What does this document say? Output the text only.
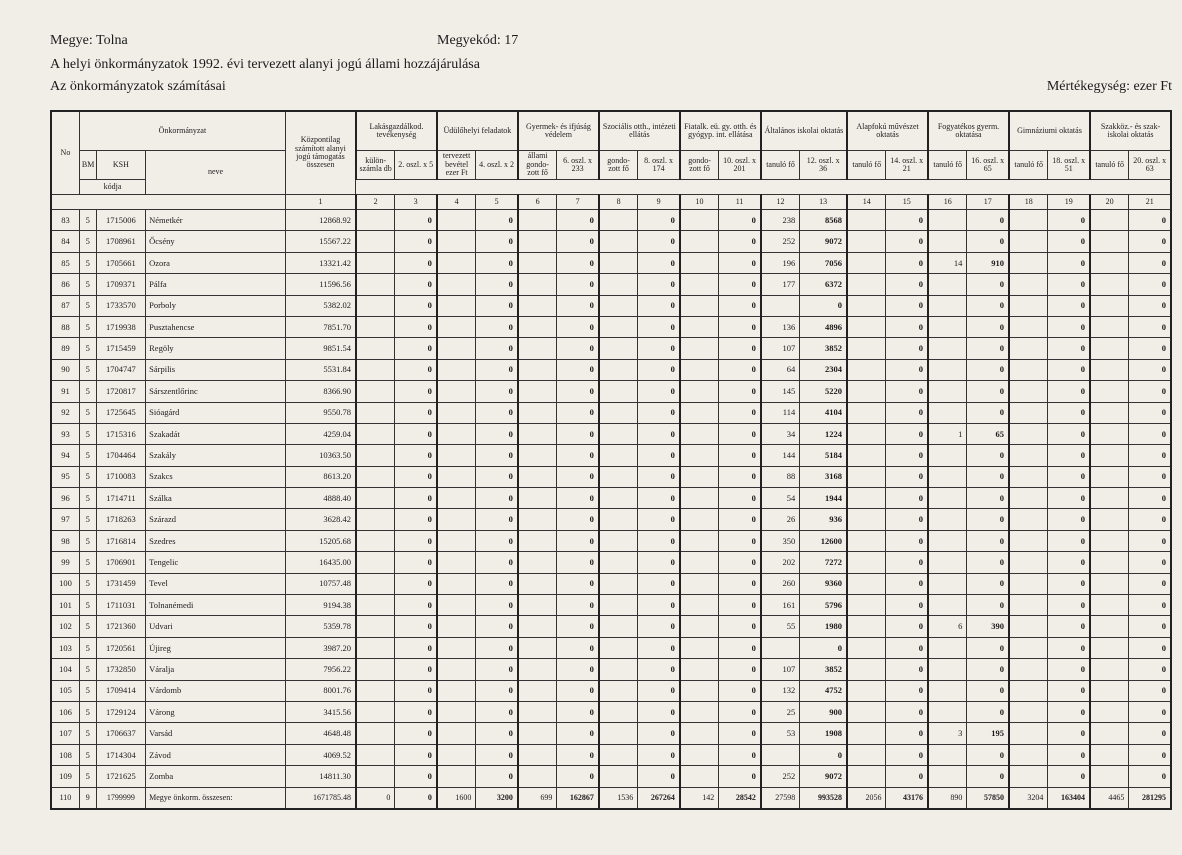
Megye: Tolna	Megyekód: 17
A helyi önkormányzatok 1992. évi tervezett alanyi jogú állami hozzájárulása
Az önkormányzatok számításai	Mértékegység: ezer Ft
No	Önkormányzat			Központilag számított alanyi jogú támogatás összesen	Lakásgazdálkod. tevékenység		Üdülőhelyi feladatok		Gyermek- és ifjúság védelem		Szociális otth., intézeti ellátás		Fiatalk. eü. gy. otth. és gyógyp. int. ellátása		Általános iskolai oktatás		Alapfokú művészet oktatás		Fogyatékos gyerm. oktatása		Gimnáziumi oktatás		Szakköz.- és szak-iskolai oktatás	
	BM	KSH	neve		külön-számla db	2. oszl. x 5	tervezett bevétel ezer Ft	4. oszl. x 2	állami gondo-zott fő	6. oszl. x 233	gondo-zott fő	8. oszl. x 174	gondo-zott fő	10. oszl. x 201	tanuló fő	12. oszl. x 36	tanuló fő	14. oszl. x 21	tanuló fő	16. oszl. x 65	tanuló fő	18. oszl. x 51	tanuló fő	20. oszl. x 63
	kódja																							
				1	2	3	4	5	6	7	8	9	10	11	12	13	14	15	16	17	18	19	20	21
83	5	1715006	Németkér	12868.92		0		0		0		0		0	238	8568		0		0		0		0
84	5	1708961	Őcsény	15567.22		0		0		0		0		0	252	9072		0		0		0		0
85	5	1705661	Ozora	13321.42		0		0		0		0		0	196	7056		0	14	910		0		0
86	5	1709371	Pálfa	11596.56		0		0		0		0		0	177	6372		0		0		0		0
87	5	1733570	Porboly	5382.02		0		0		0		0		0		0		0		0		0		0
88	5	1719938	Pusztahencse	7851.70		0		0		0		0		0	136	4896		0		0		0		0
89	5	1715459	Regöly	9851.54		0		0		0		0		0	107	3852		0		0		0		0
90	5	1704747	Sárpilis	5531.84		0		0		0		0		0	64	2304		0		0		0		0
91	5	1720817	Sárszentlőrinc	8366.90		0		0		0		0		0	145	5220		0		0		0		0
92	5	1725645	Sióagárd	9550.78		0		0		0		0		0	114	4104		0		0		0		0
93	5	1715316	Szakadát	4259.04		0		0		0		0		0	34	1224		0	1	65		0		0
94	5	1704464	Szakály	10363.50		0		0		0		0		0	144	5184		0		0		0		0
95	5	1710083	Szakcs	8613.20		0		0		0		0		0	88	3168		0		0		0		0
96	5	1714711	Szálka	4888.40		0		0		0		0		0	54	1944		0		0		0		0
97	5	1718263	Szárazd	3628.42		0		0		0		0		0	26	936		0		0		0		0
98	5	1716814	Szedres	15205.68		0		0		0		0		0	350	12600		0		0		0		0
99	5	1706901	Tengelic	16435.00		0		0		0		0		0	202	7272		0		0		0		0
100	5	1731459	Tevel	10757.48		0		0		0		0		0	260	9360		0		0		0		0
101	5	1711031	Tolnanémedi	9194.38		0		0		0		0		0	161	5796		0		0		0		0
102	5	1721360	Udvari	5359.78		0		0		0		0		0	55	1980		0	6	390		0		0
103	5	1720561	Újireg	3987.20		0		0		0		0		0		0		0		0		0		0
104	5	1732850	Váralja	7956.22		0		0		0		0		0	107	3852		0		0		0		0
105	5	1709414	Várdomb	8001.76		0		0		0		0		0	132	4752		0		0		0		0
106	5	1729124	Várong	3415.56		0		0		0		0		0	25	900		0		0		0		0
107	5	1706637	Varsád	4648.48		0		0		0		0		0	53	1908		0	3	195		0		0
108	5	1714304	Závod	4069.52		0		0		0		0		0		0		0		0		0		0
109	5	1721625	Zomba	14811.30		0		0		0		0		0	252	9072		0		0		0		0
110	9	1799999	Megye önkorm. összesen:	1671785.48	0	0	1600	3200	699	162867	1536	267264	142	28542	27598	993528	2056	43176	890	57850	3204	163404	4465	281295
